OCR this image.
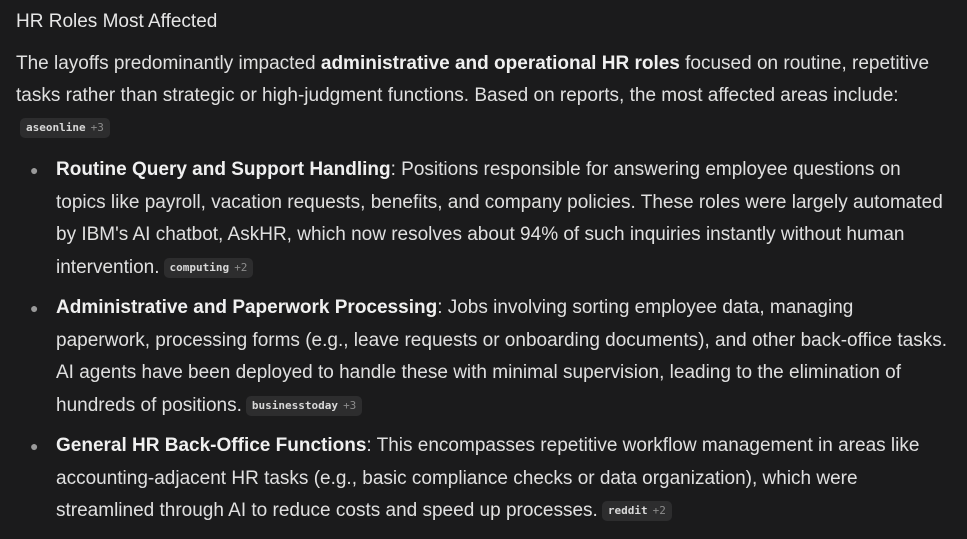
HR Roles Most Affected

The layoffs predominantly impacted administrative and operational HR roles focused on routine, repetitive tasks rather than strategic or high-judgment functions. Based on reports, the most affected areas include:aseonline +3

● Routine Query and Support Handling: Positions responsible for answering employee questions on topics like payroll, vacation requests, benefits, and company policies. These roles were largely automated by IBM's AI chatbot, AskHR, which now resolves about 94% of such inquiries instantly without human intervention. computing +2
● Administrative and Paperwork Processing: Jobs involving sorting employee data, managing paperwork, processing forms (e.g., leave requests or onboarding documents), and other back-office tasks. AI agents have been deployed to handle these with minimal supervision, leading to the elimination of hundreds of positions. businesstoday +3
● General HR Back-Office Functions: This encompasses repetitive workflow management in areas like accounting-adjacent HR tasks (e.g., basic compliance checks or data organization), which were streamlined through AI to reduce costs and speed up processes. reddit +2
